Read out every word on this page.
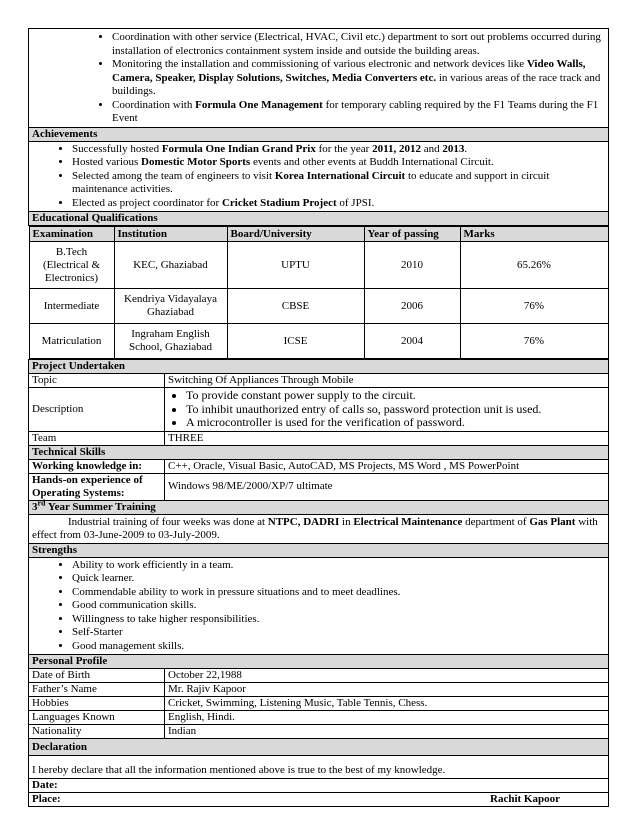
• Coordination with other service (Electrical, HVAC, Civil etc.) department to sort out problems occurred during installation of electronics containment system inside and outside the building areas.
• Monitoring the installation and commissioning of various electronic and network devices like Video Walls, Camera, Speaker, Display Solutions, Switches, Media Converters etc. in various areas of the race track and buildings.
• Coordination with Formula One Management for temporary cabling required by the F1 Teams during the F1 Event

Achievements

• Successfully hosted Formula One Indian Grand Prix for the year 2011, 2012 and 2013.
• Hosted various Domestic Motor Sports events and other events at Buddh International Circuit.
• Selected among the team of engineers to visit Korea International Circuit to educate and support in circuit maintenance activities.
• Elected as project coordinator for Cricket Stadium Project of JPSI.

Educational Qualifications

Examination	Institution	Board/University	Year of passing	Marks
B.Tech (Electrical & Electronics)	KEC, Ghaziabad	UPTU	2010	65.26%
Intermediate	Kendriya Vidayalaya Ghaziabad	CBSE	2006	76%
Matriculation	Ingraham English School, Ghaziabad	ICSE	2004	76%

Project Undertaken
Topic	Switching Of Appliances Through Mobile
Description	
• To provide constant power supply to the circuit.
• To inhibit unauthorized entry of calls so, password protection unit is used.
• A microcontroller is used for the verification of password.

Team	THREE
Technical Skills
Working knowledge in:	C++, Oracle, Visual Basic, AutoCAD, MS Projects, MS Word , MS PowerPoint
Hands-on experience of Operating Systems:	Windows 98/ME/2000/XP/7 ultimate
3rd Year Summer Training
Industrial training of four weeks was done at NTPC, DADRI in Electrical Maintenance department of Gas Plant with effect from 03-June-2009 to 03-July-2009.
Strengths

• Ability to work efficiently in a team.
• Quick learner.
• Commendable ability to work in pressure situations and to meet deadlines.
• Good communication skills.
• Willingness to take higher responsibilities.
• Self-Starter
• Good management skills.

Personal Profile
Date of Birth	October 22,1988
Father’s Name	Mr. Rajiv Kapoor
Hobbies	Cricket, Swimming, Listening Music, Table Tennis, Chess.
Languages Known	English, Hindi.
Nationality	Indian
Declaration
I hereby declare that all the information mentioned above is true to the best of my knowledge.
Date:
Place:	Rachit Kapoor
